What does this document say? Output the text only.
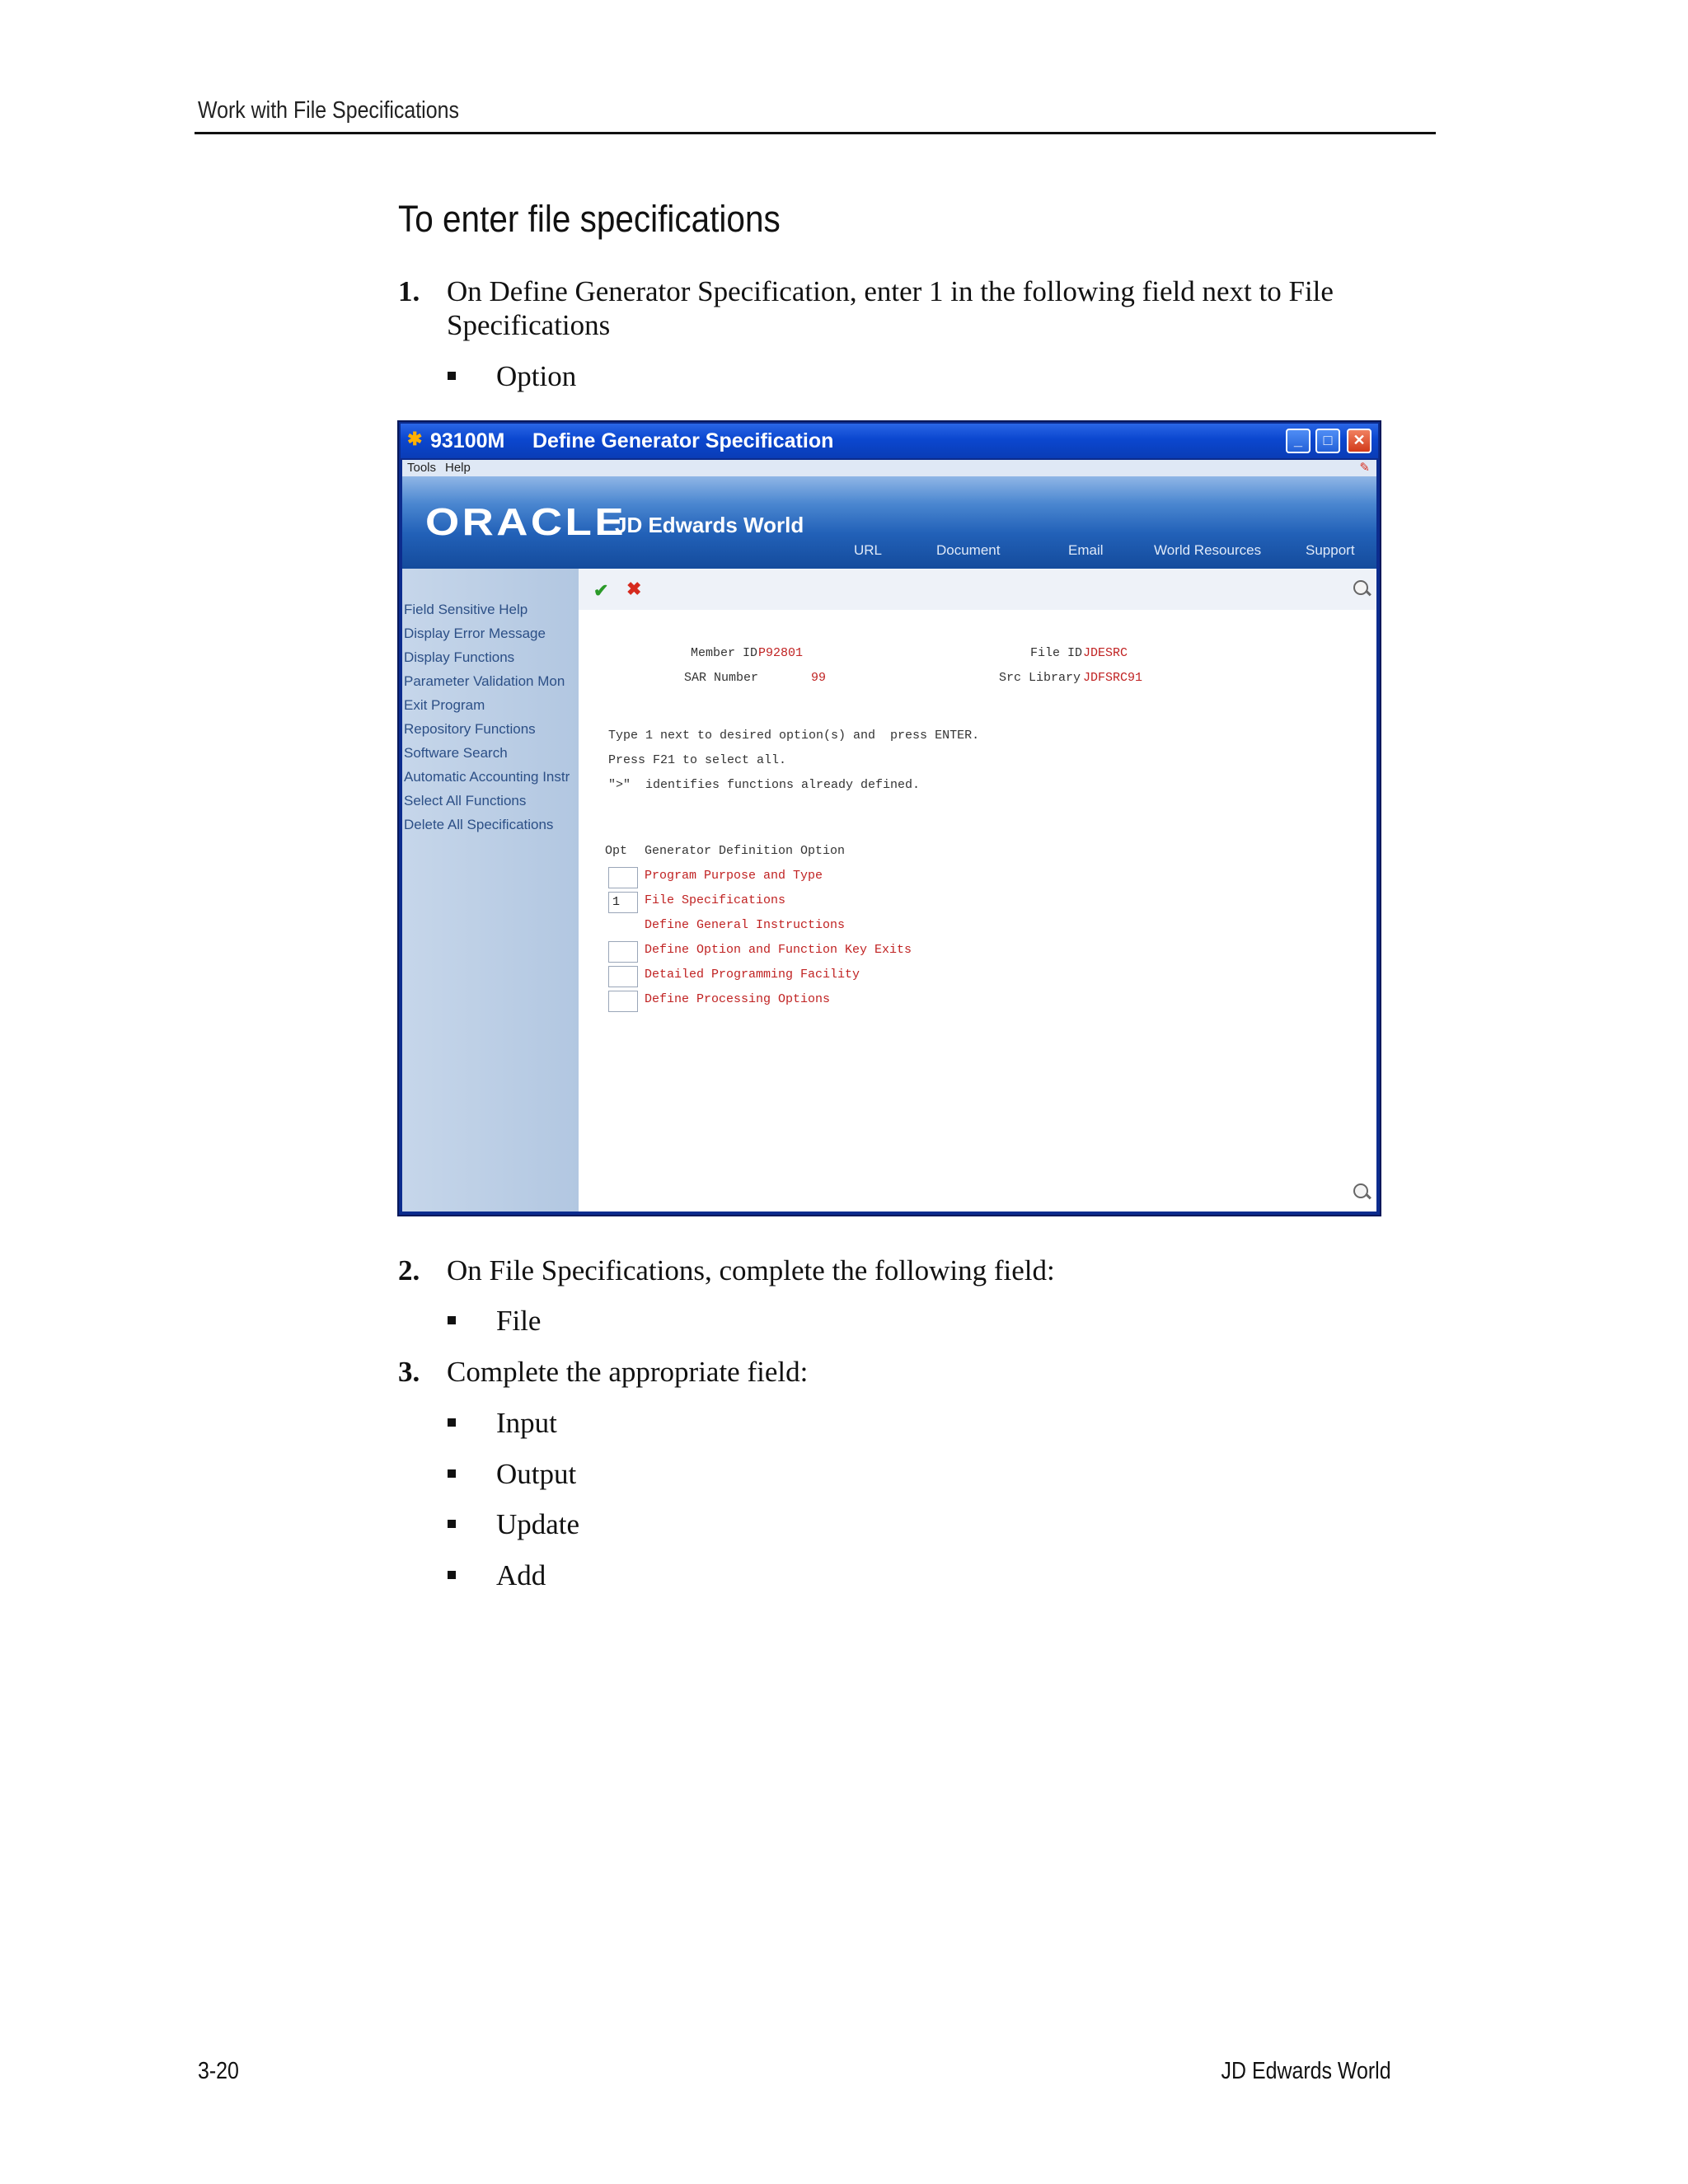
Work with File Specifications
To enter file specifications
1. On Define Generator Specification, enter 1 in the following field next to File Specifications
Option
✱ 93100M Define Generator Specification	_	□	✕
Tools Help	✎
ORACLE
JD Edwards World
URL	Document	Email	World Resources	Support
Field Sensitive Help
Display Error Message
Display Functions
Parameter Validation Mon
Exit Program
Repository Functions
Software Search
Automatic Accounting Instr
Select All Functions
Delete All Specifications
✔ ✖
Member ID P92801	File ID JDESRC
SAR Number	99	Src Library JDFSRC91
Type 1 next to desired option(s) and  press ENTER.
Press F21 to select all.
">"  identifies functions already defined.
Opt Generator Definition Option
Program Purpose and Type
1	File Specifications
Define General Instructions
Define Option and Function Key Exits
Detailed Programming Facility
Define Processing Options
2. On File Specifications, complete the following field:
File
3. Complete the appropriate field:
Input
Output
Update
Add
3-20	JD Edwards World
